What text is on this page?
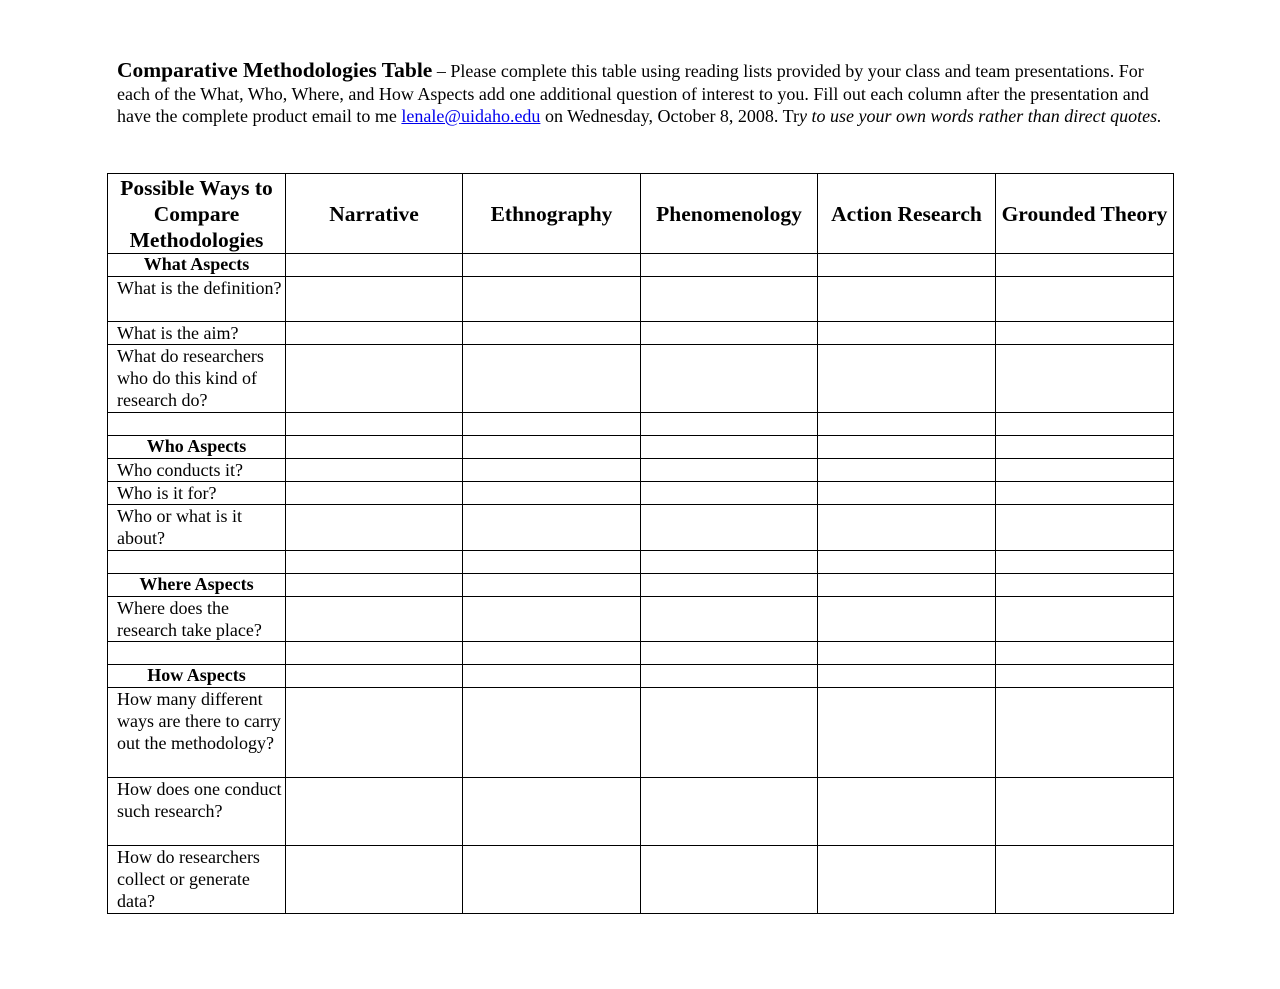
Comparative Methodologies Table – Please complete this table using reading lists provided by your class and team presentations. For each of the What, Who, Where, and How Aspects add one additional question of interest to you. Fill out each column after the presentation and have the complete product email to me lenale@uidaho.edu on Wednesday, October 8, 2008. Try to use your own words rather than direct quotes.
Possible Ways to Compare Methodologies	Narrative	Ethnography	Phenomenology	Action Research	Grounded Theory
What Aspects					
What is the definition?					
What is the aim?					
What do researchers who do this kind of research do?					

Who Aspects					
Who conducts it?					
Who is it for?					
Who or what is it about?					

Where Aspects					
Where does the research take place?					

How Aspects					
How many different ways are there to carry out the methodology?					
How does one conduct such research?					
How do researchers collect or generate data?					
